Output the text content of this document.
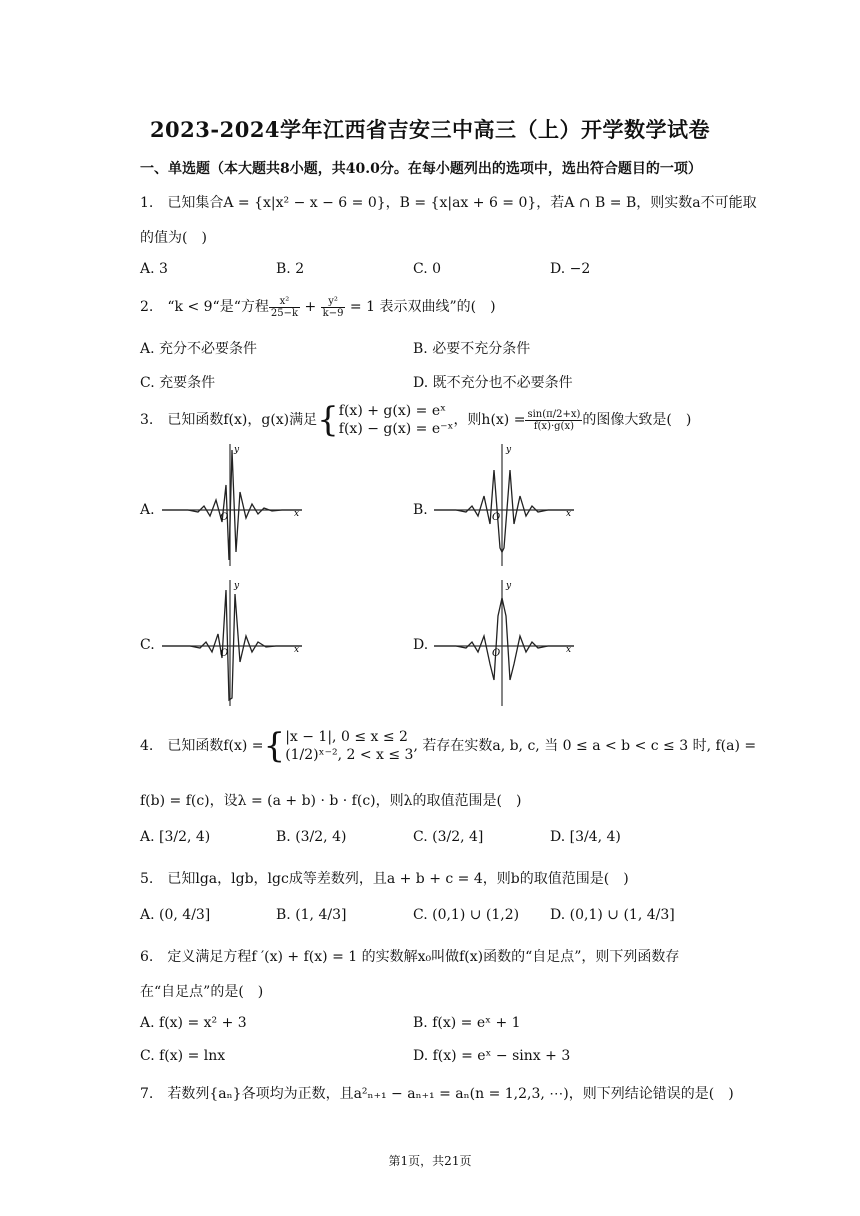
2023-2024学年江西省吉安三中高三（上）开学数学试卷
一、单选题（本大题共8小题，共40.0分。在每小题列出的选项中，选出符合题目的一项）
1.　已知集合A = {x|x² − x − 6 = 0}，B = {x|ax + 6 = 0}，若A ∩ B = B，则实数a不可能取
的值为(　)
A. 3	B. 2	C. 0	D. −2
2.　“k < 9“是“方程 $\frac{\text{x²}}{25-k} + \frac{\text{y²}}{k-9} = 1$ 表示双曲线”的(　)
A. 充分不必要条件	B. 必要不充分条件
C. 充要条件	D. 既不充分也不必要条件
3.　已知函数f(x)，g(x)满足{ f(x) + g(x) = eˣ
f(x) − g(x) = e⁻ˣ
，则$h(x) = \frac{\sin(\pi/2+x)}{f(x)\cdot g(x)}$ 的图像大致是(　)
A.	B.
C.	D.
x
y
O	x
y
O
x
y
O	x
y
O
4.　已知函数f(x) ={ |x − 1|, 0 ≤ x ≤ 2
(1/2)ˣ⁻², 2 < x ≤ 3
, 若存在实数a, b, c, 当 0 ≤ a < b < c ≤ 3 时, f(a) =
f(b) = f(c)，设λ = (a + b) · b · f(c)，则λ的取值范围是(　)
A. [3/2, 4)	B. (3/2, 4)	C. (3/2, 4]	D. [3/4, 4)
5.　已知lga，lgb，lgc成等差数列，且a + b + c = 4，则b的取值范围是(　)
A. (0, 4/3]	B. (1, 4/3]	C. (0,1) ∪ (1,2) D. (0,1) ∪ (1, 4/3]
6.　定义满足方程f ′(x) + f(x) = 1 的实数解x₀叫做f(x)函数的“自足点”，则下列函数存
在“自足点”的是(　)
A. f(x) = x² + 3	B. f(x) = eˣ + 1
C. f(x) = lnx	D. f(x) = eˣ − sinx + 3
7.　若数列{aₙ}各项均为正数，且a²ₙ₊₁ − aₙ₊₁ = aₙ(n = 1,2,3, ⋯)，则下列结论错误的是(　)
第1页，共21页
